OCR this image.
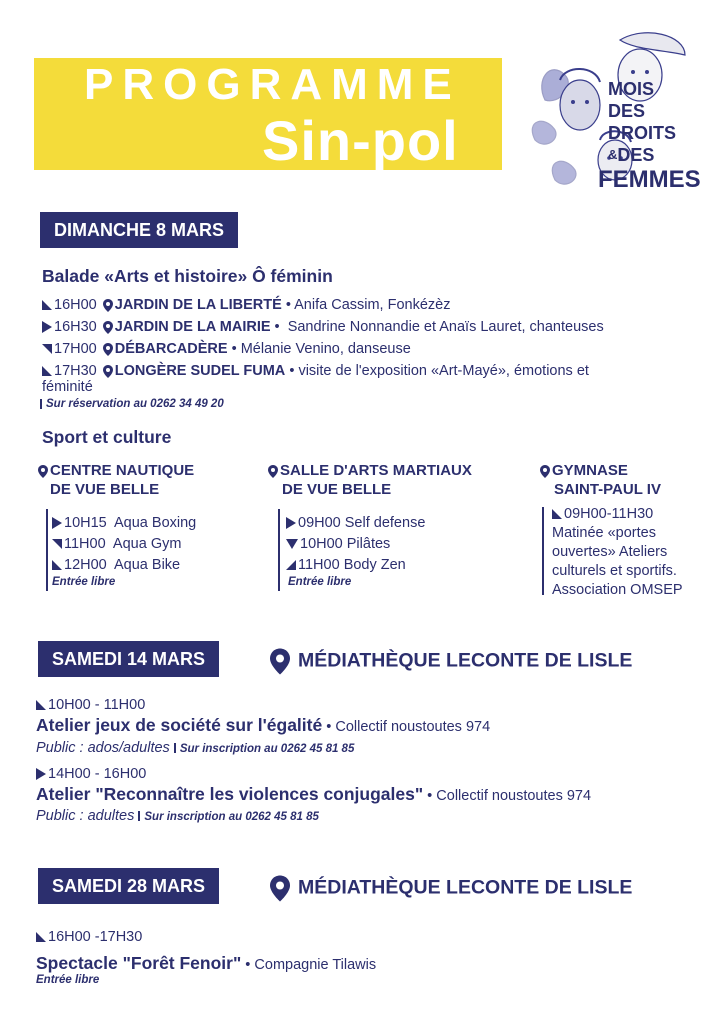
PROGRAMME
Sin-pol
MOIS
DES
DROITS
&DES
FEMMES
DIMANCHE 8 MARS
Balade «Arts et histoire» Ô féminin
16H00 JARDIN DE LA LIBERTÉ • Anifa Cassim, Fonkézèz
16H30 JARDIN DE LA MAIRIE •  Sandrine Nonnandie et Anaïs Lauret, chanteuses
17H00 DÉBARCADÈRE • Mélanie Venino, danseuse
17H30 LONGÈRE SUDEL FUMA • visite de l'exposition «Art-Mayé», émotions et
féminité
Sur réservation au 0262 34 49 20
Sport et culture
CENTRE NAUTIQUE
DE VUE BELLE
10H15 Aqua Boxing
11H00 Aqua Gym
12H00 Aqua Bike
Entrée libre
SALLE D'ARTS MARTIAUX
DE VUE BELLE
09H00 Self defense
10H00 Pilâtes
11H00 Body Zen
Entrée libre
GYMNASE
SAINT-PAUL IV
09H00-11H30
Matinée «portes
ouvertes» Ateliers
culturels et sportifs.
Association OMSEP
SAMEDI 14 MARS	MÉDIATHÈQUE LECONTE DE LISLE
10H00 - 11H00
Atelier jeux de société sur l'égalité • Collectif noustoutes 974
Public : ados/adultes Sur inscription au 0262 45 81 85
14H00 - 16H00
Atelier "Reconnaître les violences conjugales" • Collectif noustoutes 974
Public : adultes Sur inscription au 0262 45 81 85
SAMEDI 28 MARS	MÉDIATHÈQUE LECONTE DE LISLE
16H00 -17H30
Spectacle "Forêt Fenoir" • Compagnie Tilawis
Entrée libre
